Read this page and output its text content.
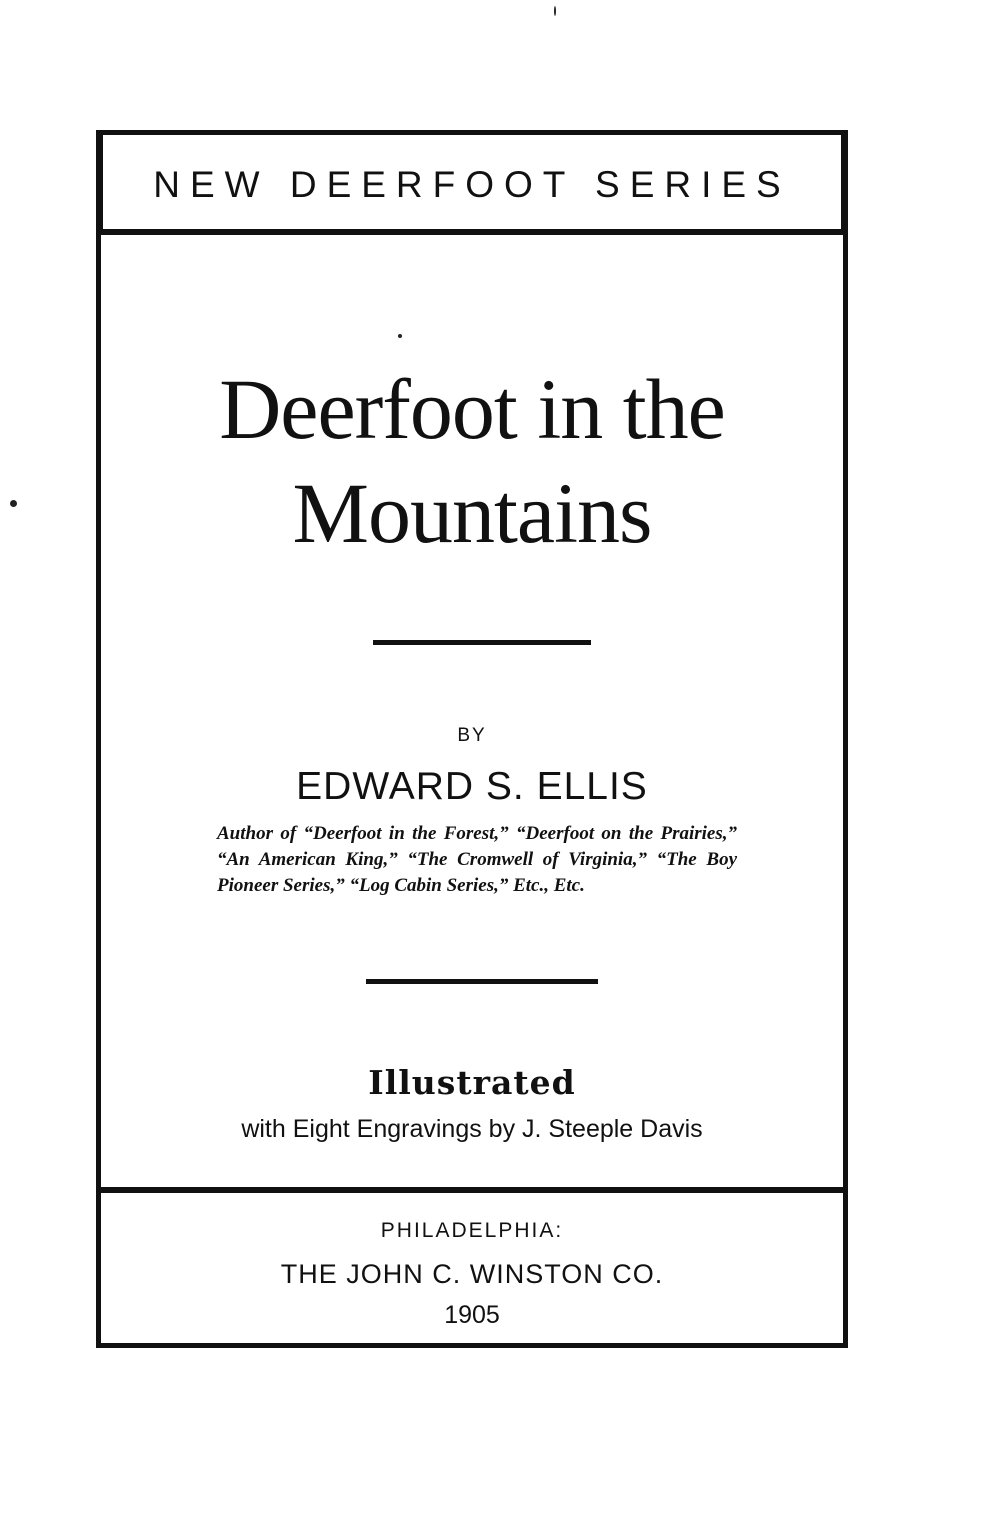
NEW DEERFOOT SERIES
Deerfoot in the
Mountains
BY
EDWARD S. ELLIS
Author of “Deerfoot in the Forest,” “Deerfoot on the Prairies,” “An American King,” “The Cromwell of Virginia,” “The Boy Pioneer Series,” “Log Cabin Series,” Etc., Etc.
Illustrated
with Eight Engravings by J. Steeple Davis
PHILADELPHIA:
THE JOHN C. WINSTON CO.
1905
